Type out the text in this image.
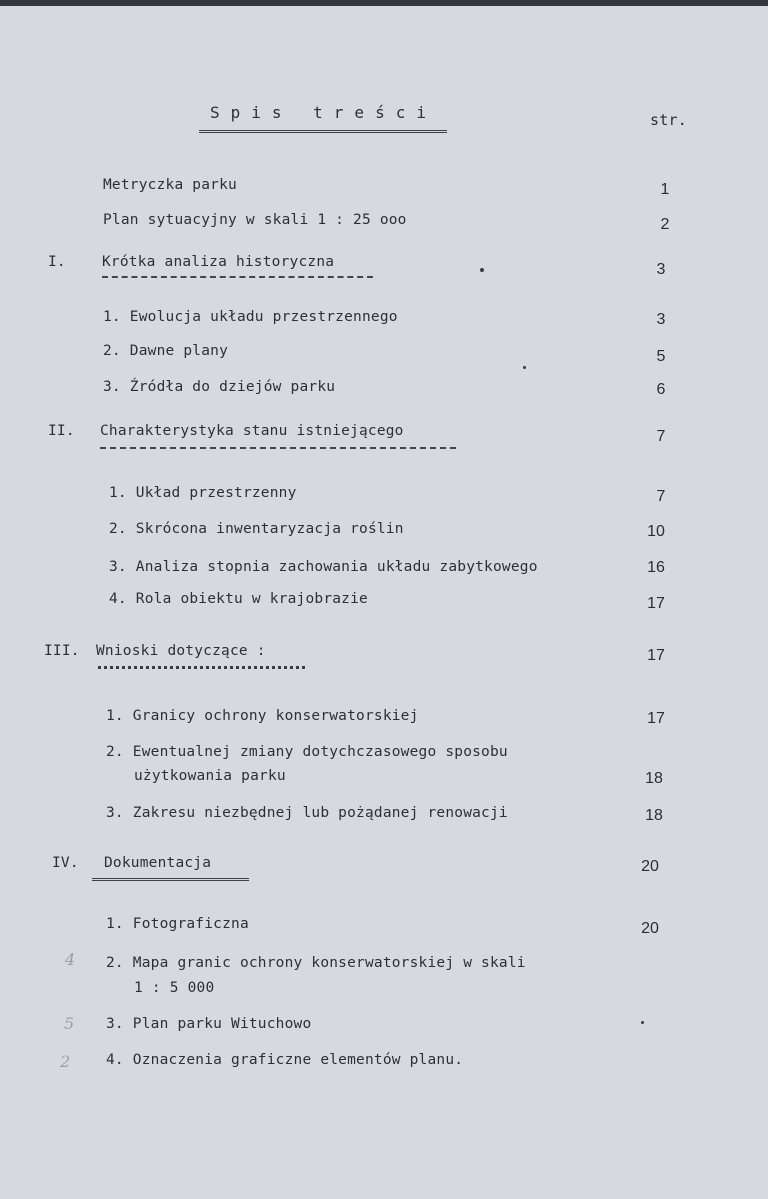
Spis treści	str.
Metryczka parku	1
Plan sytuacyjny w skali 1 : 25 ooo	2
I. Krótka analiza historyczna	3
1. Ewolucja układu przestrzennego	3
2. Dawne plany	5
3. Źródła do dziejów parku	6
II. Charakterystyka stanu istniejącego	7
1. Układ przestrzenny	7
2. Skrócona inwentaryzacja roślin	10
3. Analiza stopnia zachowania układu zabytkowego	16
4. Rola obiektu w krajobrazie	17
III. Wnioski dotyczące :	17
1. Granicy ochrony konserwatorskiej	17
2. Ewentualnej zmiany dotychczasowego sposobu
użytkowania parku	18
3. Zakresu niezbędnej lub pożądanej renowacji	18
IV. Dokumentacja	20
1. Fotograficzna	20
4 2. Mapa granic ochrony konserwatorskiej w skali
1 : 5 000
5 3. Plan parku Wituchowo
2 4. Oznaczenia graficzne elementów planu.
